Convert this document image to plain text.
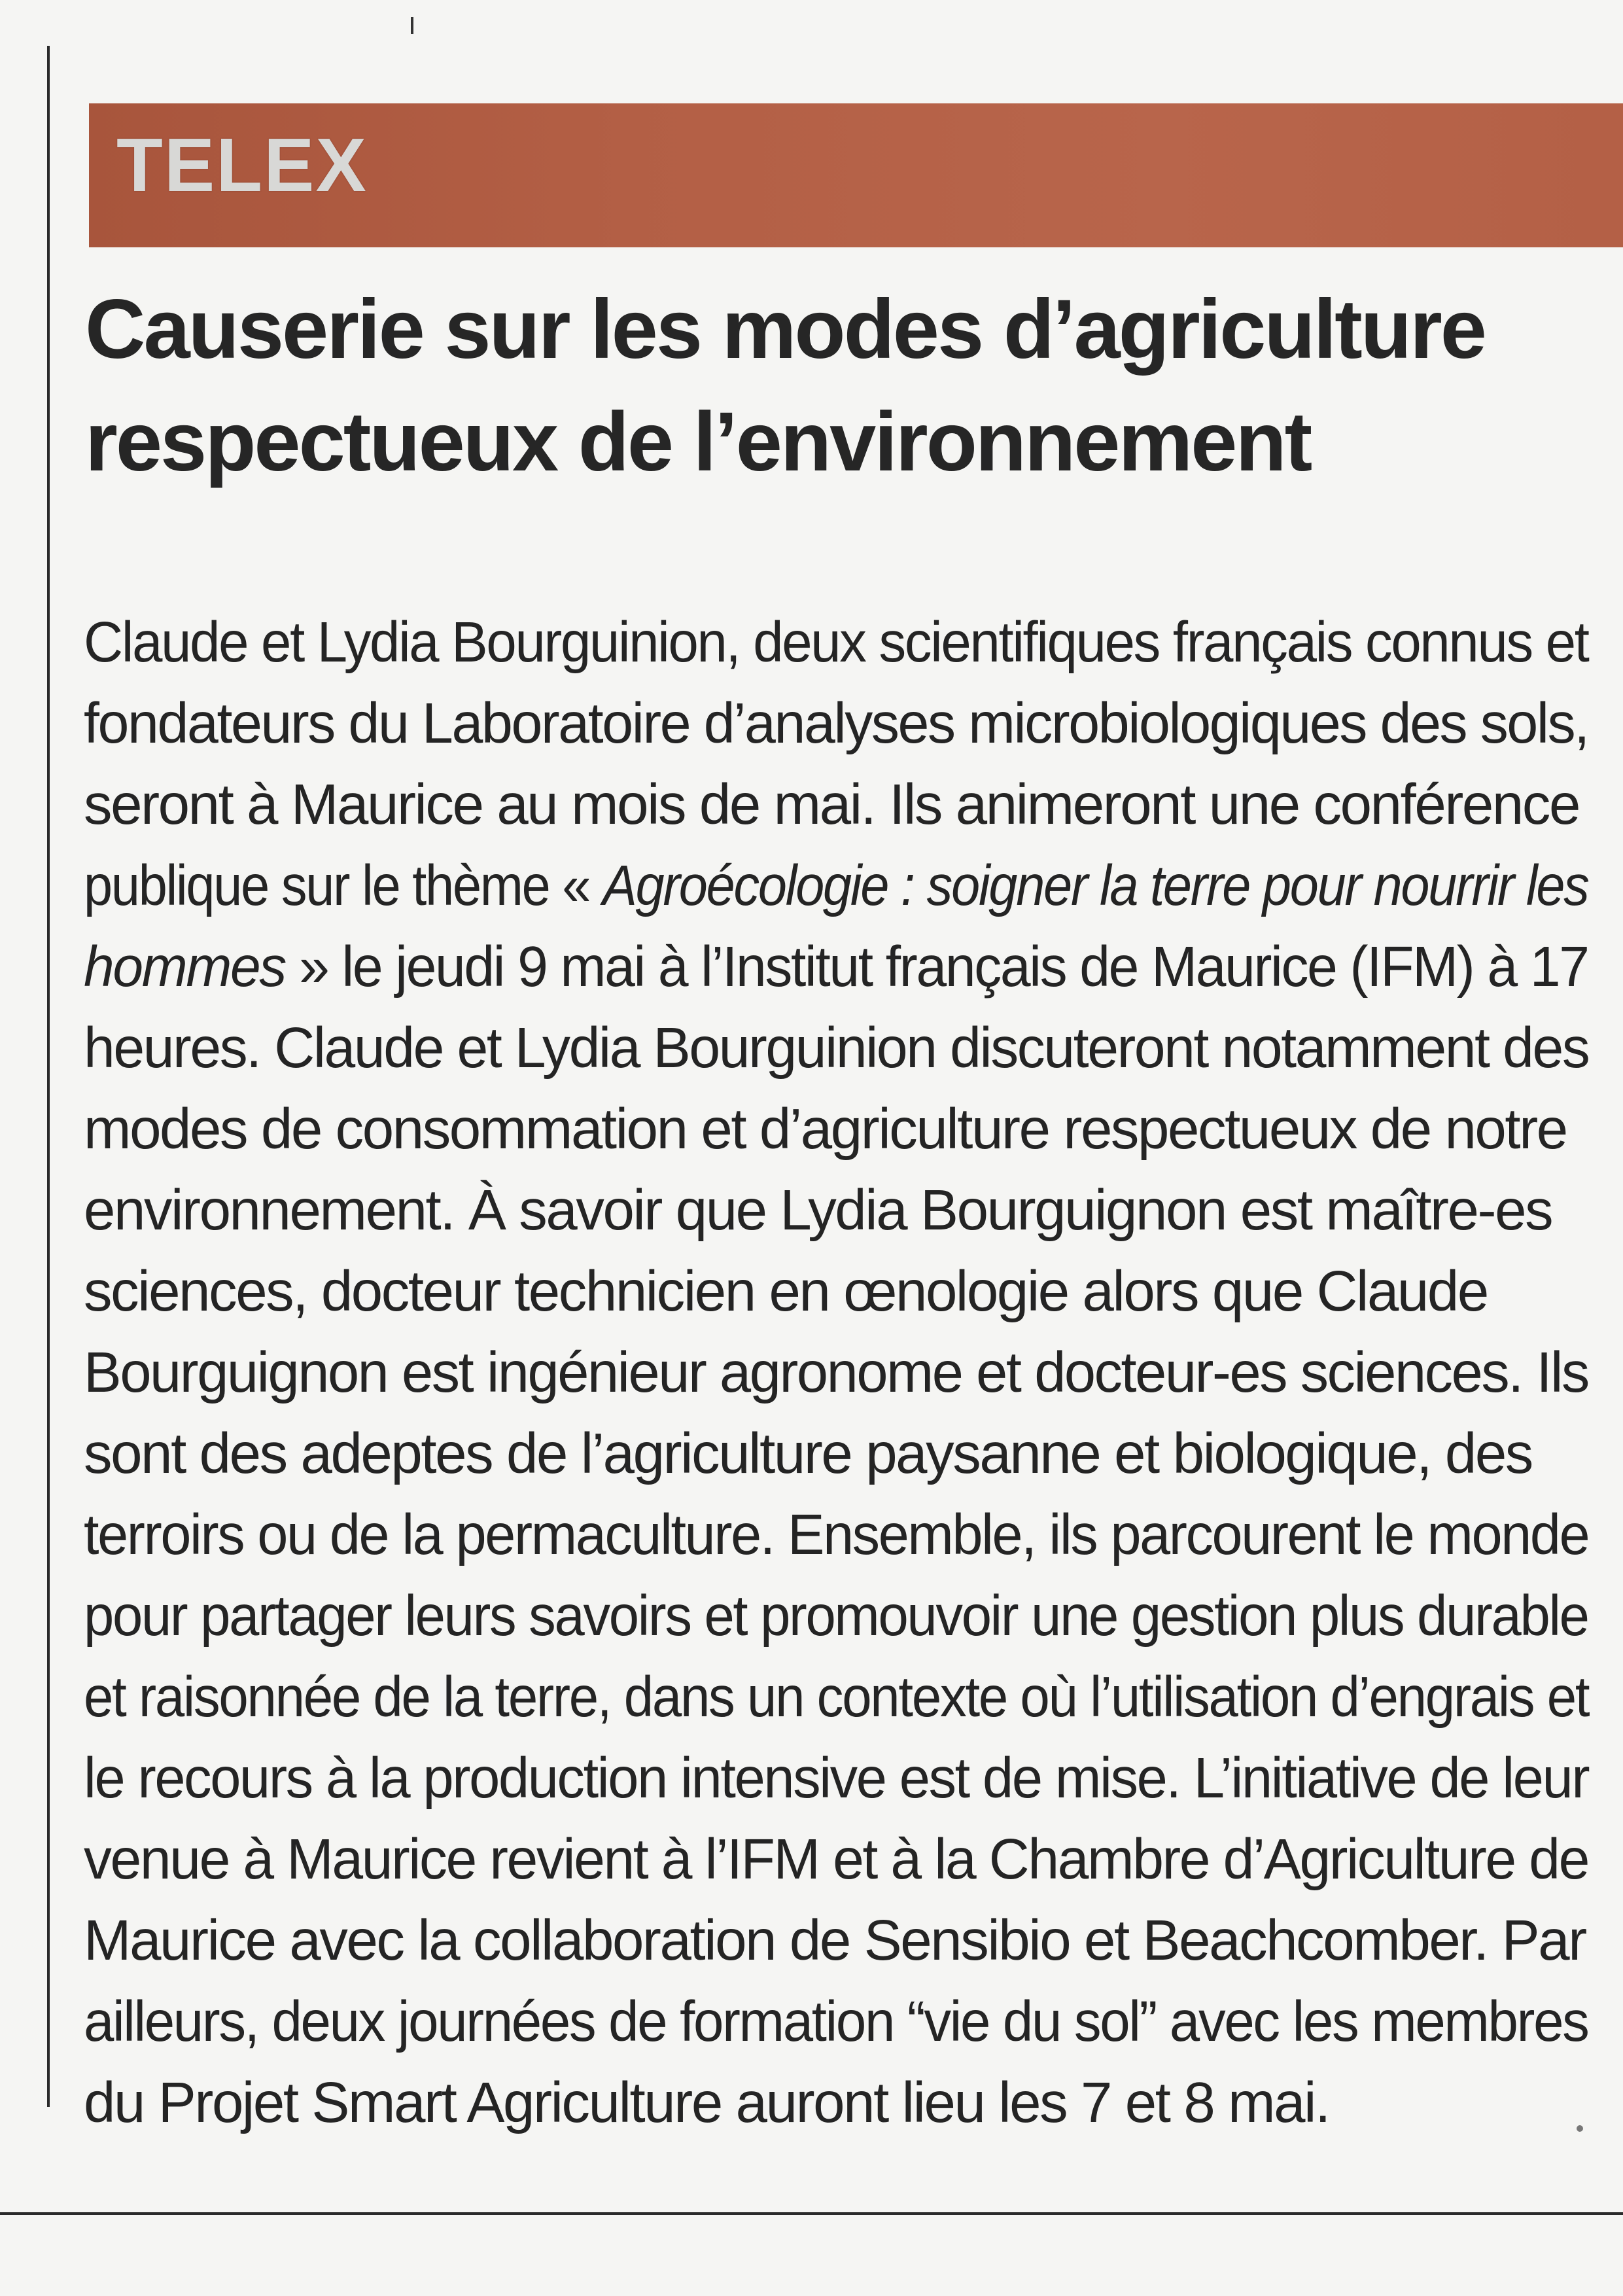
TELEX
Causerie sur les modes d’agriculture
respectueux de l’environnement
Claude et Lydia Bourguinion, deux scientifiques français connus et
fondateurs du Laboratoire d’analyses microbiologiques des sols,
seront à Maurice au mois de mai. Ils animeront une conférence
publique sur le thème « Agroécologie : soigner la terre pour nourrir les
hommes » le jeudi 9 mai à l’Institut français de Maurice (IFM) à 17
heures. Claude et Lydia Bourguinion discuteront notamment des
modes de consommation et d’agriculture respectueux de notre
environnement. À savoir que Lydia Bourguignon est maître-es
sciences, docteur technicien en œnologie alors que Claude
Bourguignon est ingénieur agronome et docteur-es sciences. Ils
sont des adeptes de l’agriculture paysanne et biologique, des
terroirs ou de la permaculture. Ensemble, ils parcourent le monde
pour partager leurs savoirs et promouvoir une gestion plus durable
et raisonnée de la terre, dans un contexte où l’utilisation d’engrais et
le recours à la production intensive est de mise. L’initiative de leur
venue à Maurice revient à l’IFM et à la Chambre d’Agriculture de
Maurice avec la collaboration de Sensibio et Beachcomber. Par
ailleurs, deux journées de formation “vie du sol” avec les membres
du Projet Smart Agriculture auront lieu les 7 et 8 mai.
